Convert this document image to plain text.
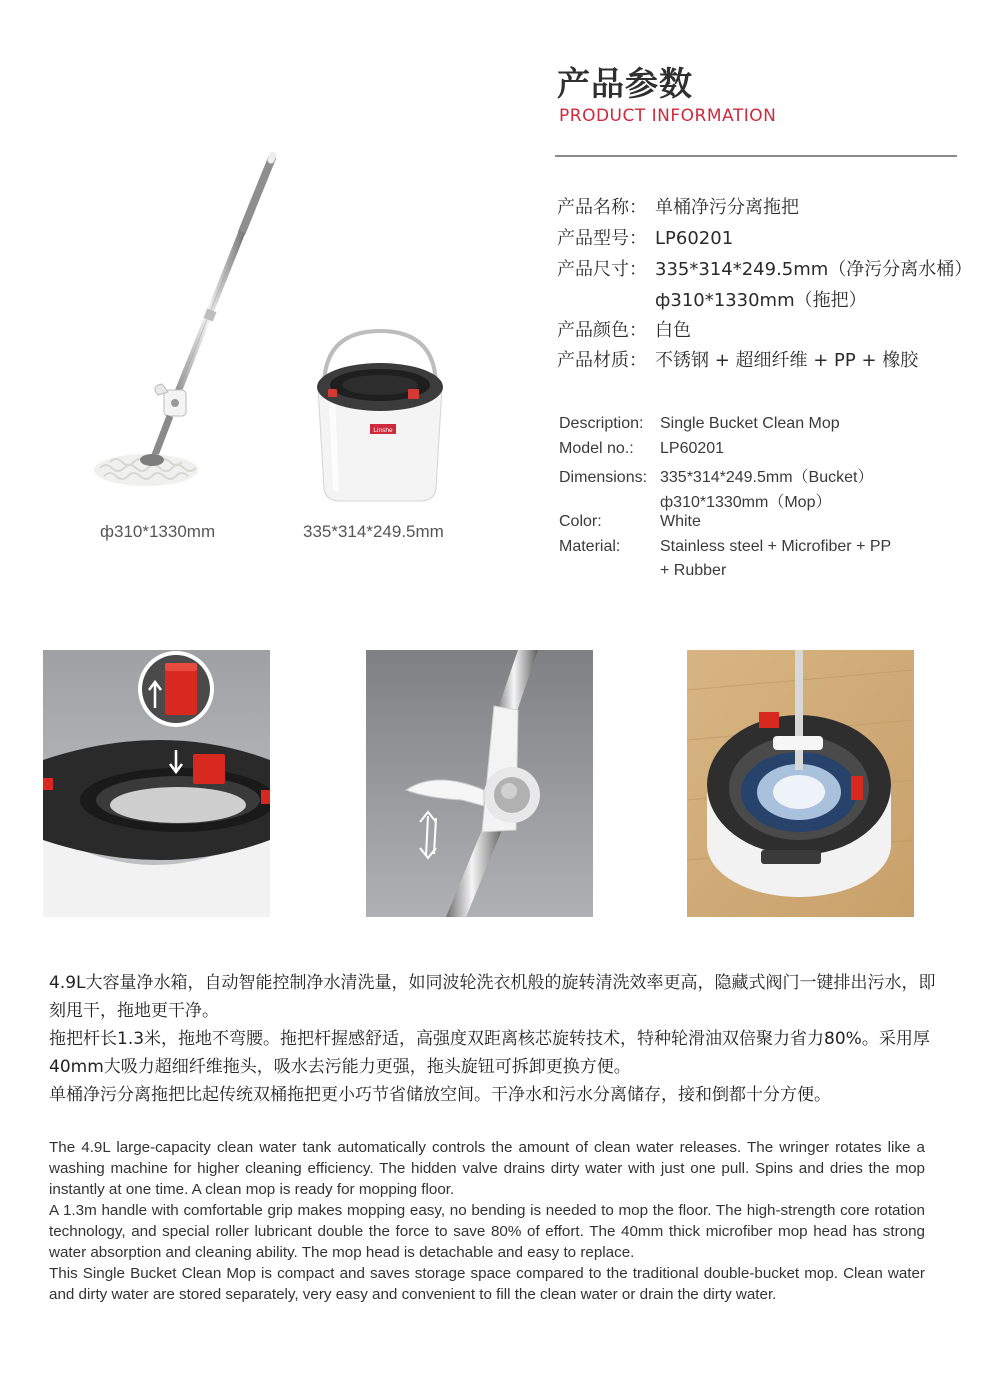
产品参数
PRODUCT INFORMATION
产品名称： 单桶净污分离拖把
产品型号： LP60201
产品尺寸： 335*314*249.5mm（净污分离水桶）
ф310*1330mm（拖把）
产品颜色： 白色
产品材质： 不锈钢 + 超细纤维 + PP + 橡胶
Description: Single Bucket Clean Mop
Model no.: LP60201
Dimensions: 335*314*249.5mm（Bucket）
ф310*1330mm（Mop）
Color:	White
Material: Stainless steel + Microfiber + PP
+ Rubber
ф310*1330mm
Linshe
335*314*249.5mm

4.9L大容量净水箱，自动智能控制净水清洗量，如同波轮洗衣机般的旋转清洗效率更高，隐藏式阀门一键排出污水，即刻甩干，拖地更干净。

拖把杆长1.3米，拖地不弯腰。拖把杆握感舒适，高强度双距离核芯旋转技术，特种轮滑油双倍聚力省力80%。采用厚40mm大吸力超细纤维拖头，吸水去污能力更强，拖头旋钮可拆卸更换方便。

单桶净污分离拖把比起传统双桶拖把更小巧节省储放空间。干净水和污水分离储存，接和倒都十分方便。

The 4.9L large-capacity clean water tank automatically controls the amount of clean water releases. The wringer rotates like a washing machine for higher cleaning efficiency. The hidden valve drains dirty water with just one pull. Spins and dries the mop instantly at one time. A clean mop is ready for mopping floor.

A 1.3m handle with comfortable grip makes mopping easy, no bending is needed to mop the floor. The high-strength core rotation technology, and special roller lubricant double the force to save 80% of effort. The 40mm thick microfiber mop head has strong water absorption and cleaning ability. The mop head is detachable and easy to replace.

This Single Bucket Clean Mop is compact and saves storage space compared to the traditional double-bucket mop. Clean water and dirty water are stored separately, very easy and convenient to fill the clean water or drain the dirty water.
